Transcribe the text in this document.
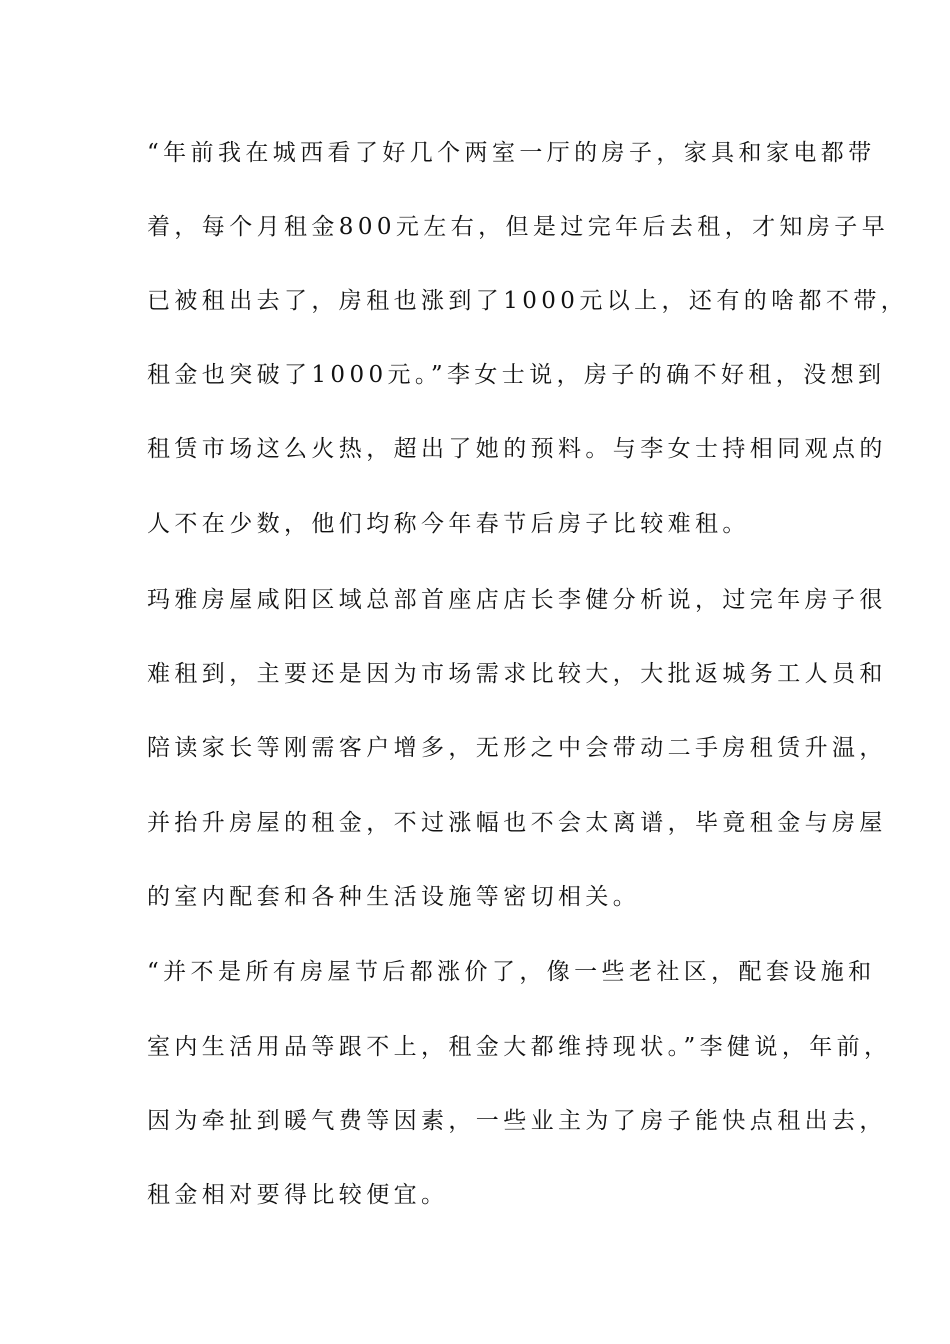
“年前我在城西看了好几个两室一厅的房子，家具和家电都带
着，每个月租金800元左右，但是过完年后去租，才知房子早
已被租出去了，房租也涨到了1000元以上，还有的啥都不带，
租金也突破了1000元。”李女士说，房子的确不好租，没想到
租赁市场这么火热，超出了她的预料。与李女士持相同观点的
人不在少数，他们均称今年春节后房子比较难租。
玛雅房屋咸阳区域总部首座店店长李健分析说，过完年房子很
难租到，主要还是因为市场需求比较大，大批返城务工人员和
陪读家长等刚需客户增多，无形之中会带动二手房租赁升温，
并抬升房屋的租金，不过涨幅也不会太离谱，毕竟租金与房屋
的室内配套和各种生活设施等密切相关。
“并不是所有房屋节后都涨价了，像一些老社区，配套设施和
室内生活用品等跟不上，租金大都维持现状。”李健说，年前，
因为牵扯到暖气费等因素，一些业主为了房子能快点租出去，
租金相对要得比较便宜。
